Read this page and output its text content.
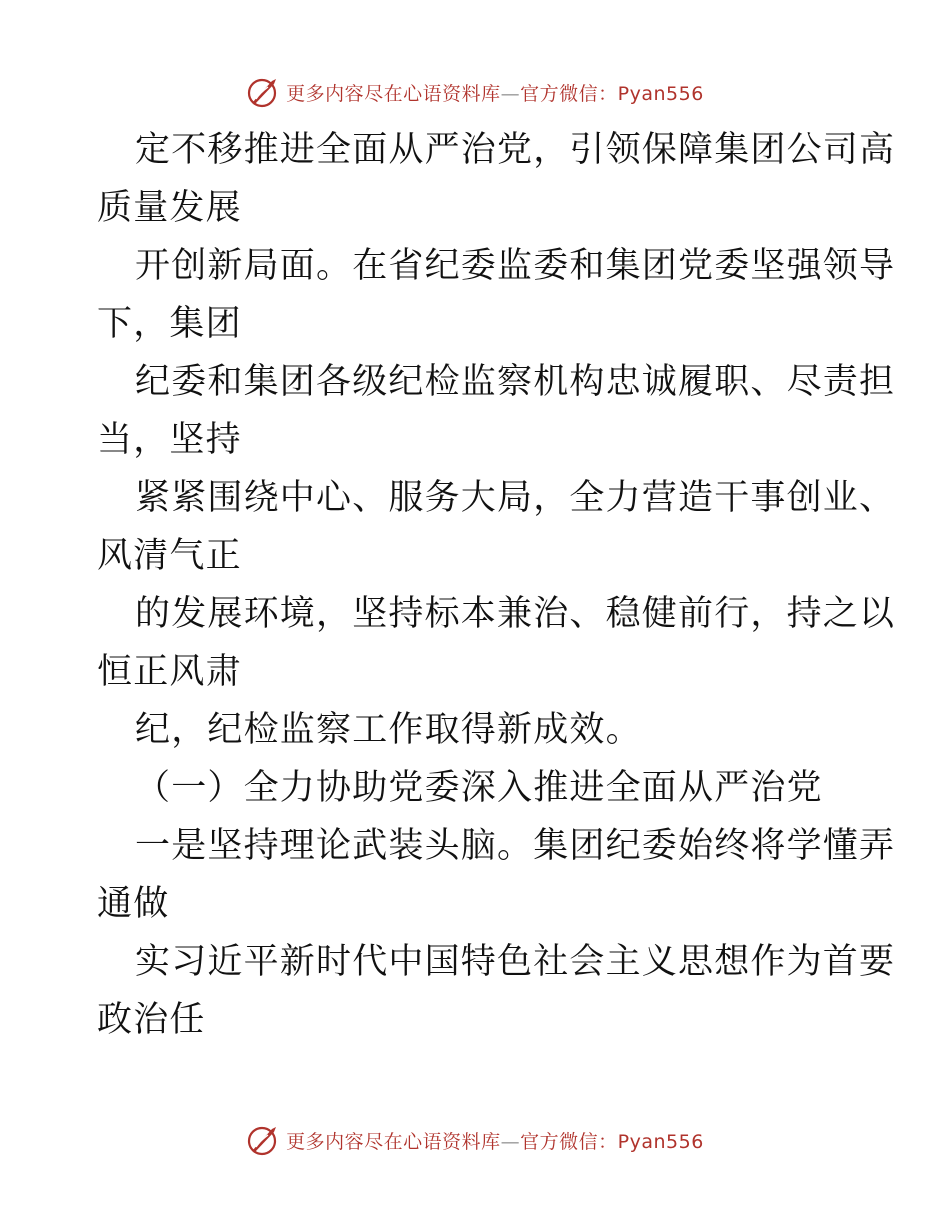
更多内容尽在心语资料库—官方微信：Pyan556
定不移推进全面从严治党，引领保障集团公司高
质量发展
开创新局面。在省纪委监委和集团党委坚强领导
下，集团
纪委和集团各级纪检监察机构忠诚履职、尽责担
当，坚持
紧紧围绕中心、服务大局，全力营造干事创业、
风清气正
的发展环境，坚持标本兼治、稳健前行，持之以
恒正风肃
纪，纪检监察工作取得新成效。
（一）全力协助党委深入推进全面从严治党
一是坚持理论武装头脑。集团纪委始终将学懂弄
通做
实习近平新时代中国特色社会主义思想作为首要
政治任
更多内容尽在心语资料库—官方微信：Pyan556
